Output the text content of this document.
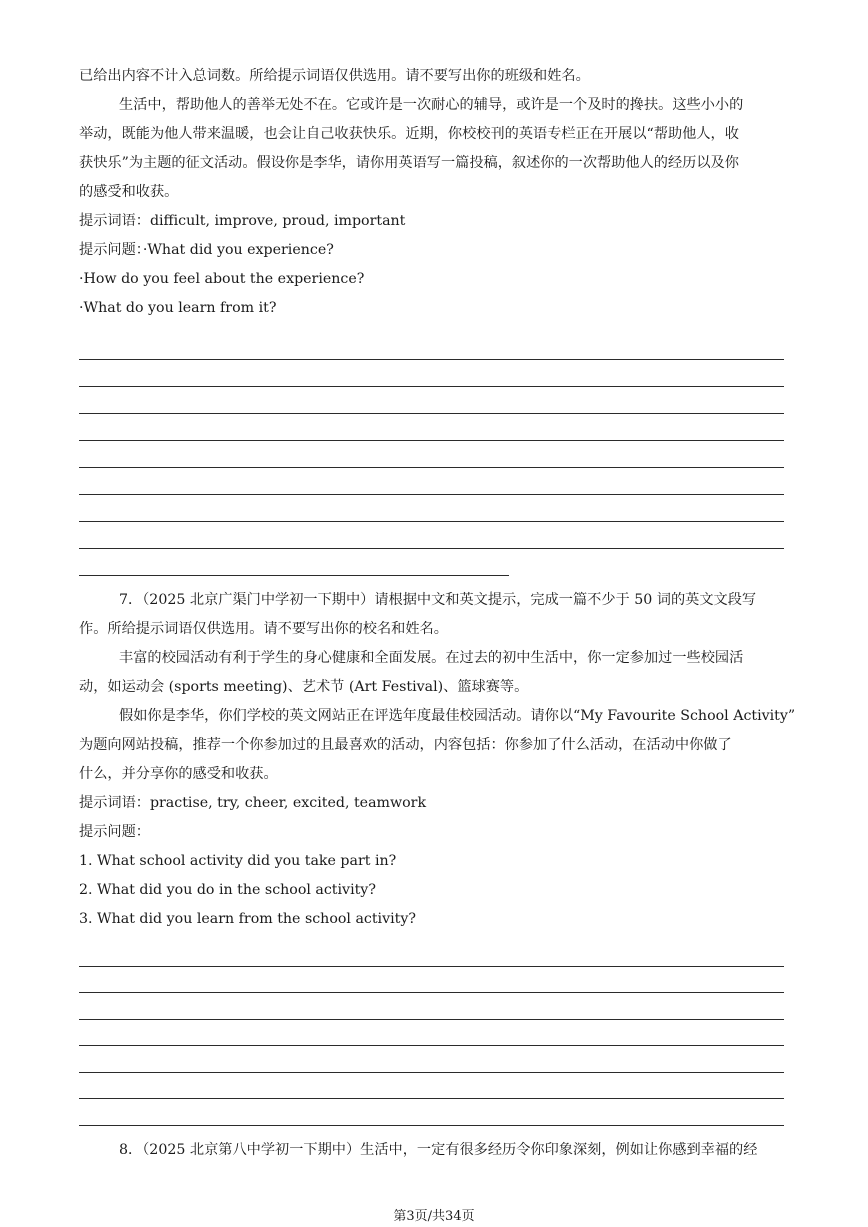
已给出内容不计入总词数。所给提示词语仅供选用。请不要写出你的班级和姓名。

生活中，帮助他人的善举无处不在。它或许是一次耐心的辅导，或许是一个及时的搀扶。这些小小的

举动，既能为他人带来温暖，也会让自己收获快乐。近期，你校校刊的英语专栏正在开展以“帮助他人，收

获快乐”为主题的征文活动。假设你是李华，请你用英语写一篇投稿，叙述你的一次帮助他人的经历以及你

的感受和收获。

提示词语：difficult, improve, proud, important

提示问题：·What did you experience?

·How do you feel about the experience?

·What do you learn from it?

7．（2025 北京广渠门中学初一下期中）请根据中文和英文提示，完成一篇不少于 50 词的英文文段写

作。所给提示词语仅供选用。请不要写出你的校名和姓名。

丰富的校园活动有利于学生的身心健康和全面发展。在过去的初中生活中，你一定参加过一些校园活

动，如运动会 (sports meeting)、艺术节 (Art Festival)、篮球赛等。

假如你是李华，你们学校的英文网站正在评选年度最佳校园活动。请你以“My Favourite School Activity”

为题向网站投稿，推荐一个你参加过的且最喜欢的活动，内容包括：你参加了什么活动，在活动中你做了

什么，并分享你的感受和收获。

提示词语：practise, try, cheer, excited, teamwork

提示问题：

1. What school activity did you take part in?

2. What did you do in the school activity?

3. What did you learn from the school activity?

8．（2025 北京第八中学初一下期中）生活中，一定有很多经历令你印象深刻，例如让你感到幸福的经

第3页/共34页
